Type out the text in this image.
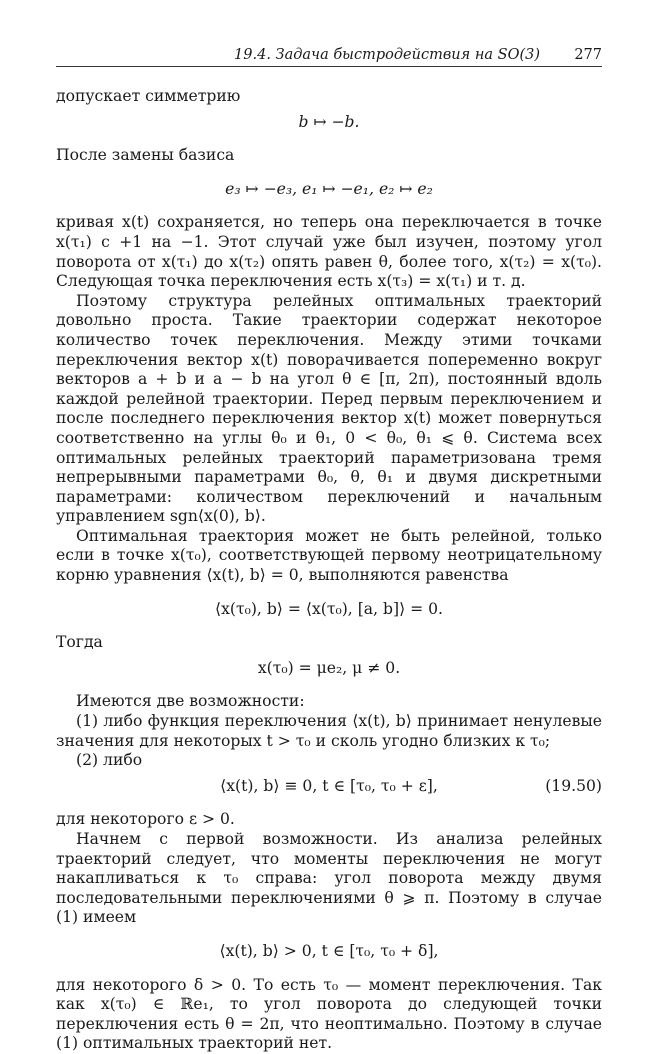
19.4. Задача быстродействия на SO(3) 277

допускает симметрию

b ↦ −b.

После замены базиса

e₃ ↦ −e₃, e₁ ↦ −e₁, e₂ ↦ e₂

кривая x(t) сохраняется, но теперь она переключается в точке x(τ₁) с +1 на −1. Этот случай уже был изучен, поэтому угол поворота от x(τ₁) до x(τ₂) опять равен θ, более того, x(τ₂) = x(τ₀). Следующая точка переключения есть x(τ₃) = x(τ₁) и т. д.

Поэтому структура релейных оптимальных траекторий довольно проста. Такие траектории содержат некоторое количество точек переключения. Между этими точками переключения вектор x(t) поворачивается попеременно вокруг векторов a + b и a − b на угол θ ∈ [π, 2π), постоянный вдоль каждой релейной траектории. Перед первым переключением и после последнего переключения вектор x(t) может повернуться соответственно на углы θ₀ и θ₁, 0 < θ₀, θ₁ ⩽ θ. Система всех оптимальных релейных траекторий параметризована тремя непрерывными параметрами θ₀, θ, θ₁ и двумя дискретными параметрами: количеством переключений и начальным управлением sgn⟨x(0), b⟩.

Оптимальная траектория может не быть релейной, только если в точке x(τ₀), соответствующей первому неотрицательному корню уравнения ⟨x(t), b⟩ = 0, выполняются равенства

⟨x(τ₀), b⟩ = ⟨x(τ₀), [a, b]⟩ = 0.

Тогда

x(τ₀) = μe₂, μ ≠ 0.

Имеются две возможности:

(1) либо функция переключения ⟨x(t), b⟩ принимает ненулевые значения для некоторых t > τ₀ и сколь угодно близких к τ₀;

(2) либо

⟨x(t), b⟩ ≡ 0, t ∈ [τ₀, τ₀ + ε],	(19.50)

для некоторого ε > 0.

Начнем с первой возможности. Из анализа релейных траекторий следует, что моменты переключения не могут накапливаться к τ₀ справа: угол поворота между двумя последовательными переключениями θ ⩾ π. Поэтому в случае (1) имеем

⟨x(t), b⟩ > 0, t ∈ [τ₀, τ₀ + δ],

для некоторого δ > 0. То есть τ₀ — момент переключения. Так как x(τ₀) ∈ ℝe₁, то угол поворота до следующей точки переключения есть θ = 2π, что неоптимально. Поэтому в случае (1) оптимальных траекторий нет.
